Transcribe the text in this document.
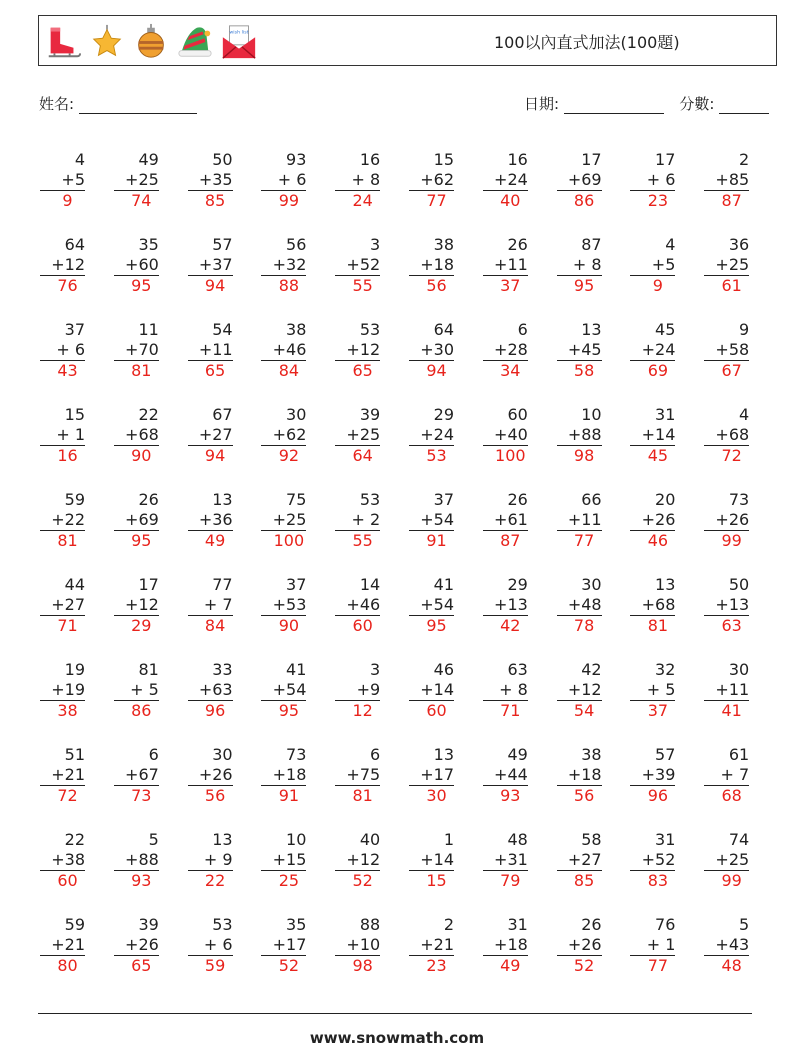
wish list
100以內直式加法(100題)
姓名:	日期:	分數:
4
+5
9
49
+25
74
50
+35
85
93
+ 6
99
16
+ 8
24
15
+62
77
16
+24
40
17
+69
86
17
+ 6
23
2
+85
87
64
+12
76
35
+60
95
57
+37
94
56
+32
88
3
+52
55
38
+18
56
26
+11
37
87
+ 8
95
4
+5
9
36
+25
61
37
+ 6
43
11
+70
81
54
+11
65
38
+46
84
53
+12
65
64
+30
94
6
+28
34
13
+45
58
45
+24
69
9
+58
67
15
+ 1
16
22
+68
90
67
+27
94
30
+62
92
39
+25
64
29
+24
53
60
+40
100
10
+88
98
31
+14
45
4
+68
72
59
+22
81
26
+69
95
13
+36
49
75
+25
100
53
+ 2
55
37
+54
91
26
+61
87
66
+11
77
20
+26
46
73
+26
99
44
+27
71
17
+12
29
77
+ 7
84
37
+53
90
14
+46
60
41
+54
95
29
+13
42
30
+48
78
13
+68
81
50
+13
63
19
+19
38
81
+ 5
86
33
+63
96
41
+54
95
3
+9
12
46
+14
60
63
+ 8
71
42
+12
54
32
+ 5
37
30
+11
41
51
+21
72
6
+67
73
30
+26
56
73
+18
91
6
+75
81
13
+17
30
49
+44
93
38
+18
56
57
+39
96
61
+ 7
68
22
+38
60
5
+88
93
13
+ 9
22
10
+15
25
40
+12
52
1
+14
15
48
+31
79
58
+27
85
31
+52
83
74
+25
99
59
+21
80
39
+26
65
53
+ 6
59
35
+17
52
88
+10
98
2
+21
23
31
+18
49
26
+26
52
76
+ 1
77
5
+43
48
www.snowmath.com
